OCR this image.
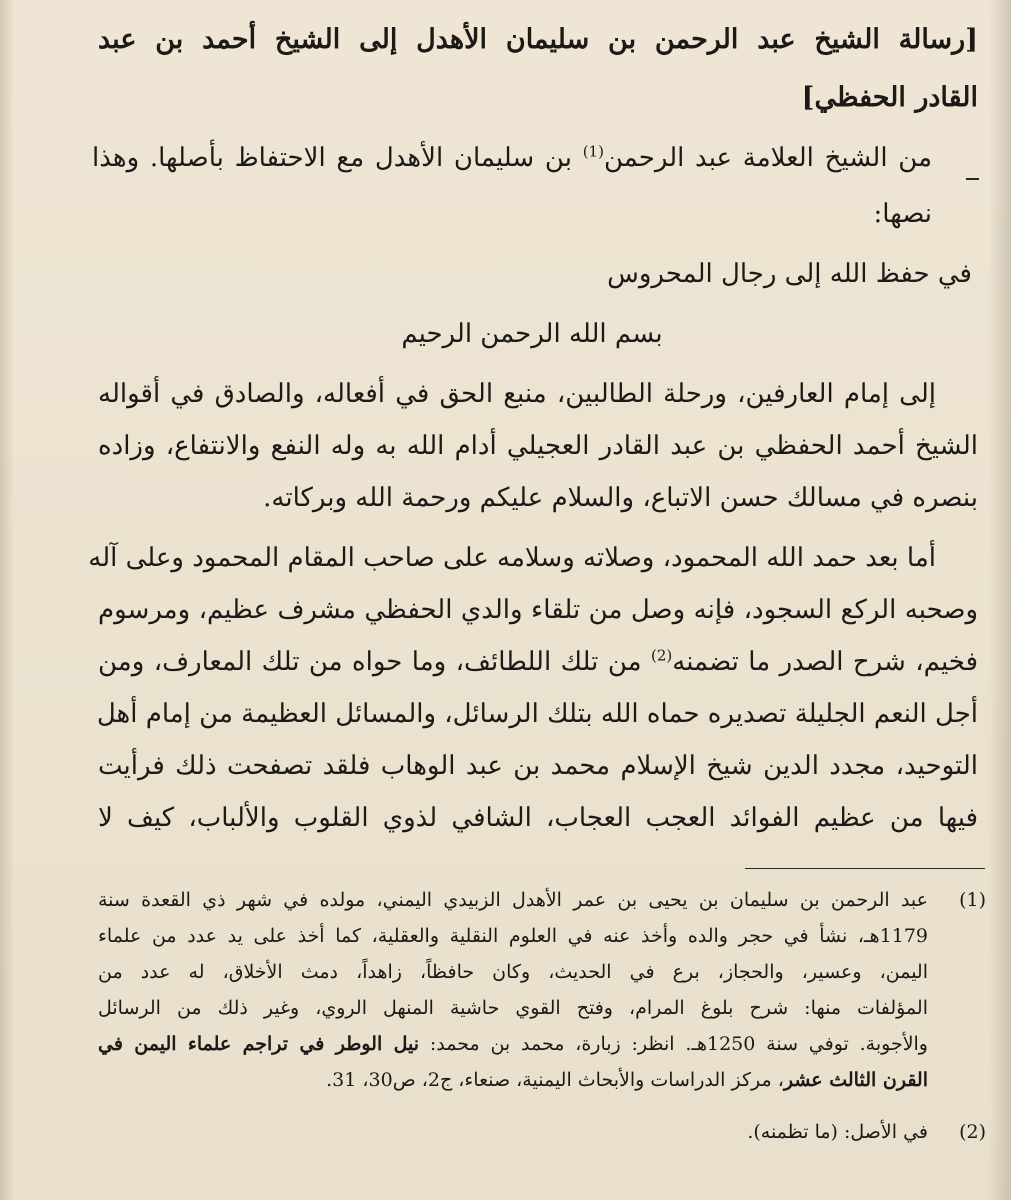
[رسالة الشيخ عبد الرحمن بن سليمان الأهدل إلى الشيخ أحمد بن عبد
القادر الحفظي]
من الشيخ العلامة عبد الرحمن$^{(1)}$ بن سليمان الأهدل مع الاحتفاظ بأصلها. وهذا
نصها:
في حفظ الله إلى رجال المحروس
بسم الله الرحمن الرحيم
إلى إمام العارفين، ورحلة الطالبين، منبع الحق في أفعاله، والصادق في أقواله
الشيخ أحمد الحفظي بن عبد القادر العجيلي أدام الله به وله النفع والانتفاع، وزاده
بنصره في مسالك حسن الاتباع، والسلام عليكم ورحمة الله وبركاته.
أما بعد حمد الله المحمود، وصلاته وسلامه على صاحب المقام المحمود وعلى آله
وصحبه الركع السجود، فإنه وصل من تلقاء والدي الحفظي مشرف عظيم، ومرسوم
فخيم، شرح الصدر ما تضمنه$^{(2)}$ من تلك اللطائف، وما حواه من تلك المعارف، ومن
أجل النعم الجليلة تصديره حماه الله بتلك الرسائل، والمسائل العظيمة من إمام أهل
التوحيد، مجدد الدين شيخ الإسلام محمد بن عبد الوهاب فلقد تصفحت ذلك فرأيت
فيها من عظيم الفوائد العجب العجاب، الشافي لذوي القلوب والألباب، كيف لا
(1)
عبد الرحمن بن سليمان بن يحيى بن عمر الأهدل الزبيدي اليمني، مولده في شهر ذي القعدة سنة
1179هـ، نشأ في حجر والده وأخذ عنه في العلوم النقلية والعقلية، كما أخذ على يد عدد من علماء
اليمن، وعسير، والحجاز، برع في الحديث، وكان حافظاً، زاهداً، دمث الأخلاق، له عدد من
المؤلفات منها: شرح بلوغ المرام، وفتح القوي حاشية المنهل الروي، وغير ذلك من الرسائل
والأجوبة. توفي سنة 1250هـ. انظر: زبارة، محمد بن محمد: نيل الوطر في تراجم علماء اليمن في
القرن الثالث عشر، مركز الدراسات والأبحاث اليمنية، صنعاء، ج2، ص30، 31.
(2)
في الأصل: (ما تظمنه).
